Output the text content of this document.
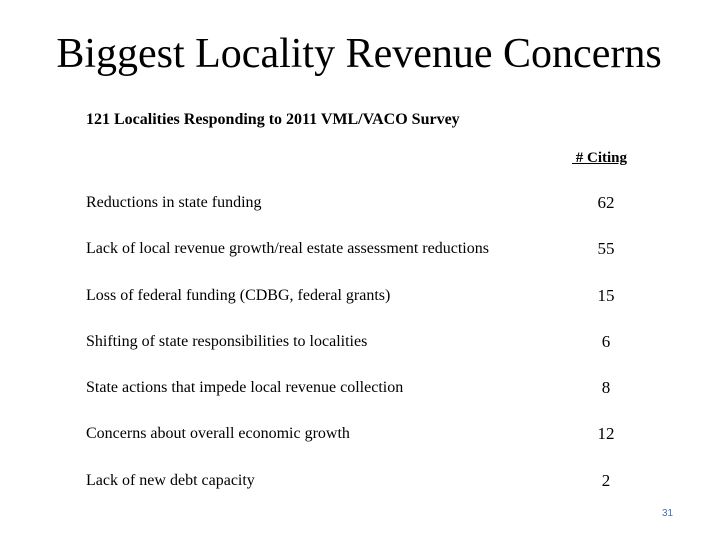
Biggest Locality Revenue Concerns
121 Localities Responding to 2011 VML/VACO Survey
# Citing
Reductions in state funding	62
Lack of local revenue growth/real estate assessment reductions	55
Loss of federal funding (CDBG, federal grants)	15
Shifting of state responsibilities to localities	6
State actions that impede local revenue collection	8
Concerns about overall economic growth	12
Lack of new debt capacity	2
31
